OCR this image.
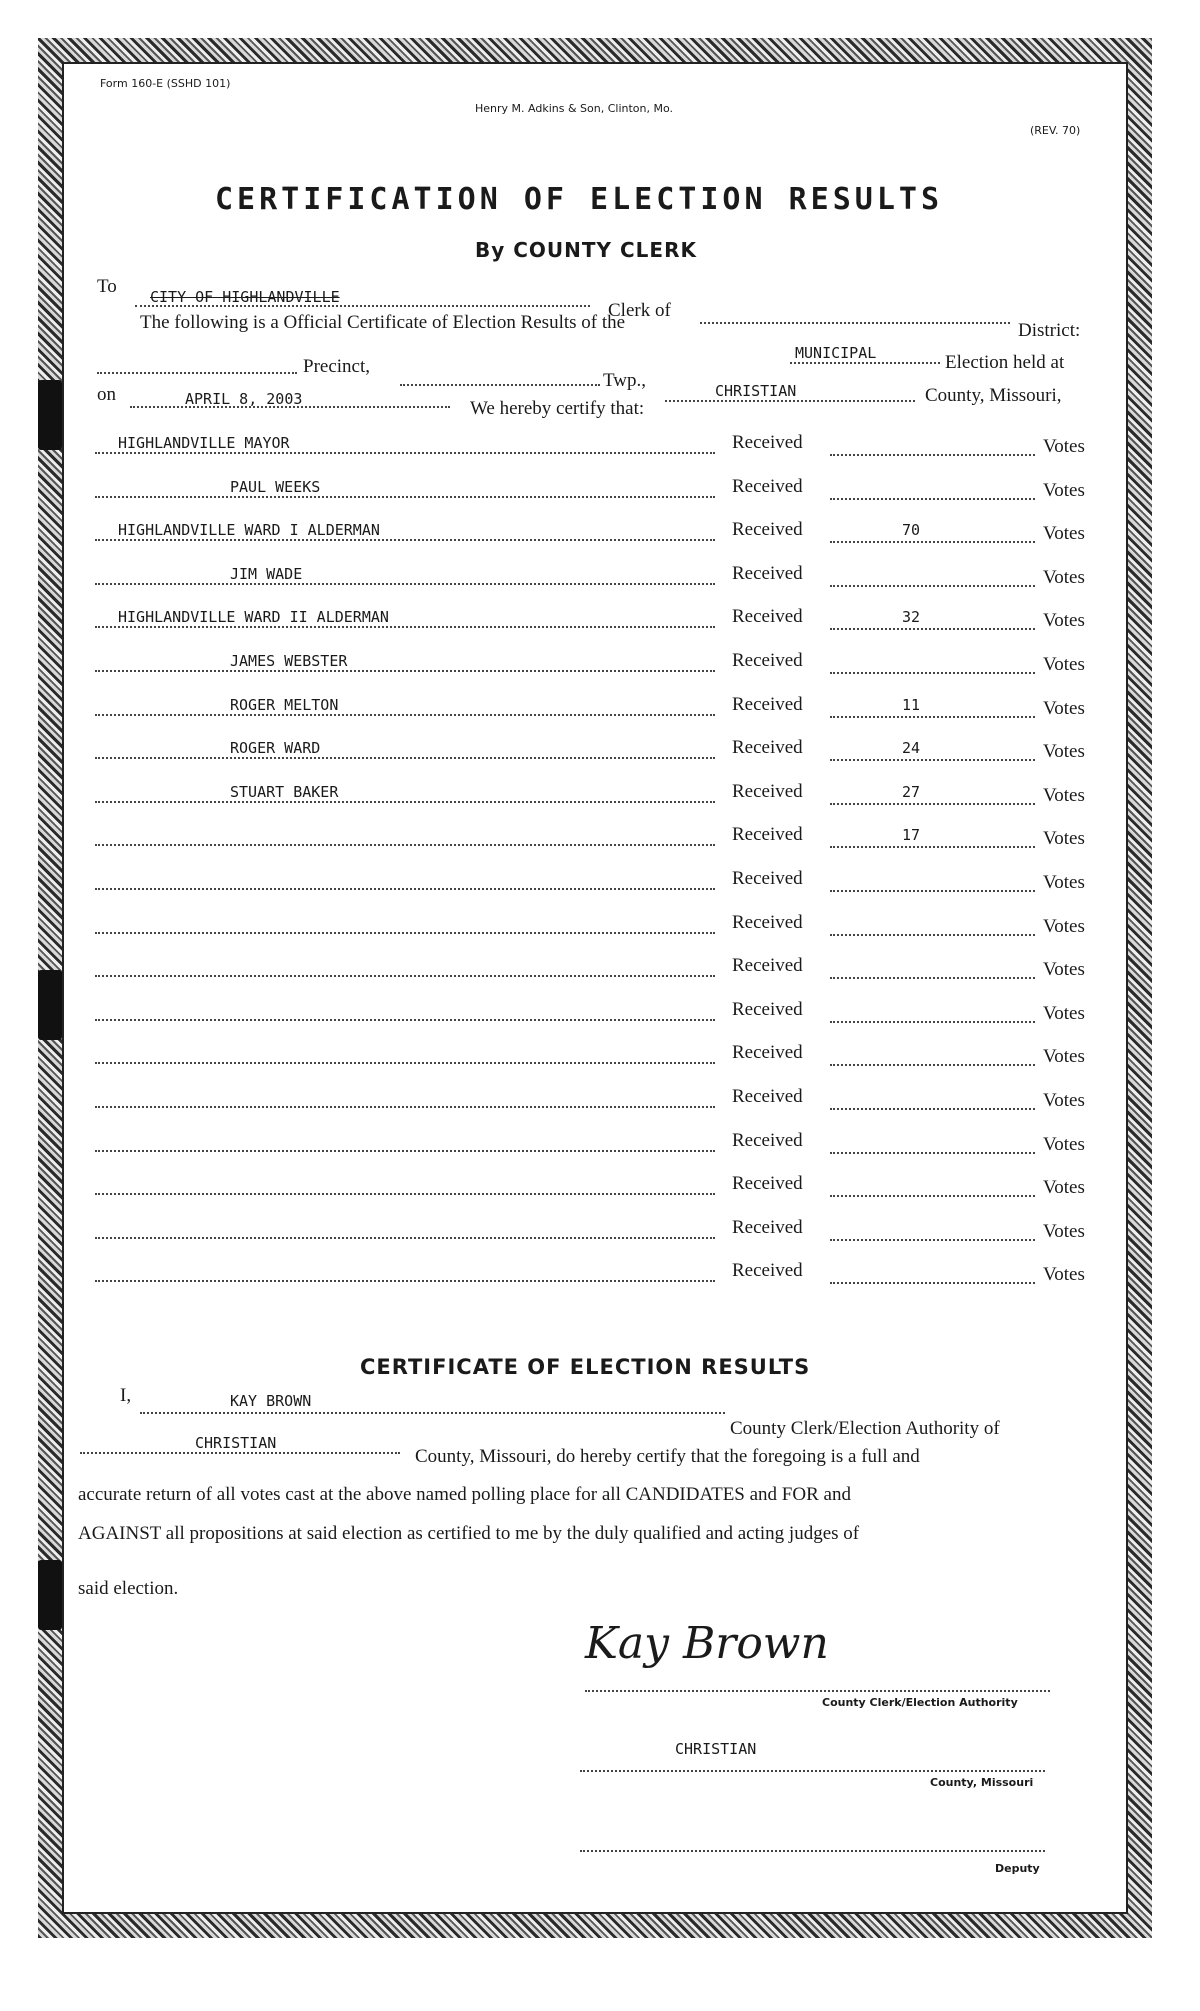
Form 160-E (SSHD 101)
Henry M. Adkins & Son, Clinton, Mo.
(REV. 70)
CERTIFICATION OF ELECTION RESULTS
By COUNTY CLERK
To CITY OF HIGHLANDVILLE
Clerk of
District:
The following is a Official Certificate of Election Results of the
MUNICIPAL	Election held at
Precinct,
Twp.,	CHRISTIAN	County, Missouri,
on	APRIL 8, 2003	We hereby certify that:
HIGHLANDVILLE MAYOR	Received	Votes
PAUL WEEKS	Received	Votes
HIGHLANDVILLE WARD I ALDERMAN	Received	70	Votes
JIM WADE	Received	Votes
HIGHLANDVILLE WARD II ALDERMAN	Received	32	Votes
JAMES WEBSTER	Received	Votes
ROGER MELTON	Received	11	Votes
ROGER WARD	Received	24	Votes
STUART BAKER	Received	27	Votes
Received	17	Votes
Received	Votes
Received	Votes
Received	Votes
Received	Votes
Received	Votes
Received	Votes
Received	Votes
Received	Votes
Received	Votes
Received	Votes
CERTIFICATE OF ELECTION RESULTS
I,	KAY BROWN
County Clerk/Election Authority of
CHRISTIAN
County, Missouri, do hereby certify that the foregoing is a full and
accurate return of all votes cast at the above named polling place for all CANDIDATES and FOR and
AGAINST all propositions at said election as certified to me by the duly qualified and acting judges of
said election.
Kay Brown
County Clerk/Election Authority
CHRISTIAN
County, Missouri
Deputy
